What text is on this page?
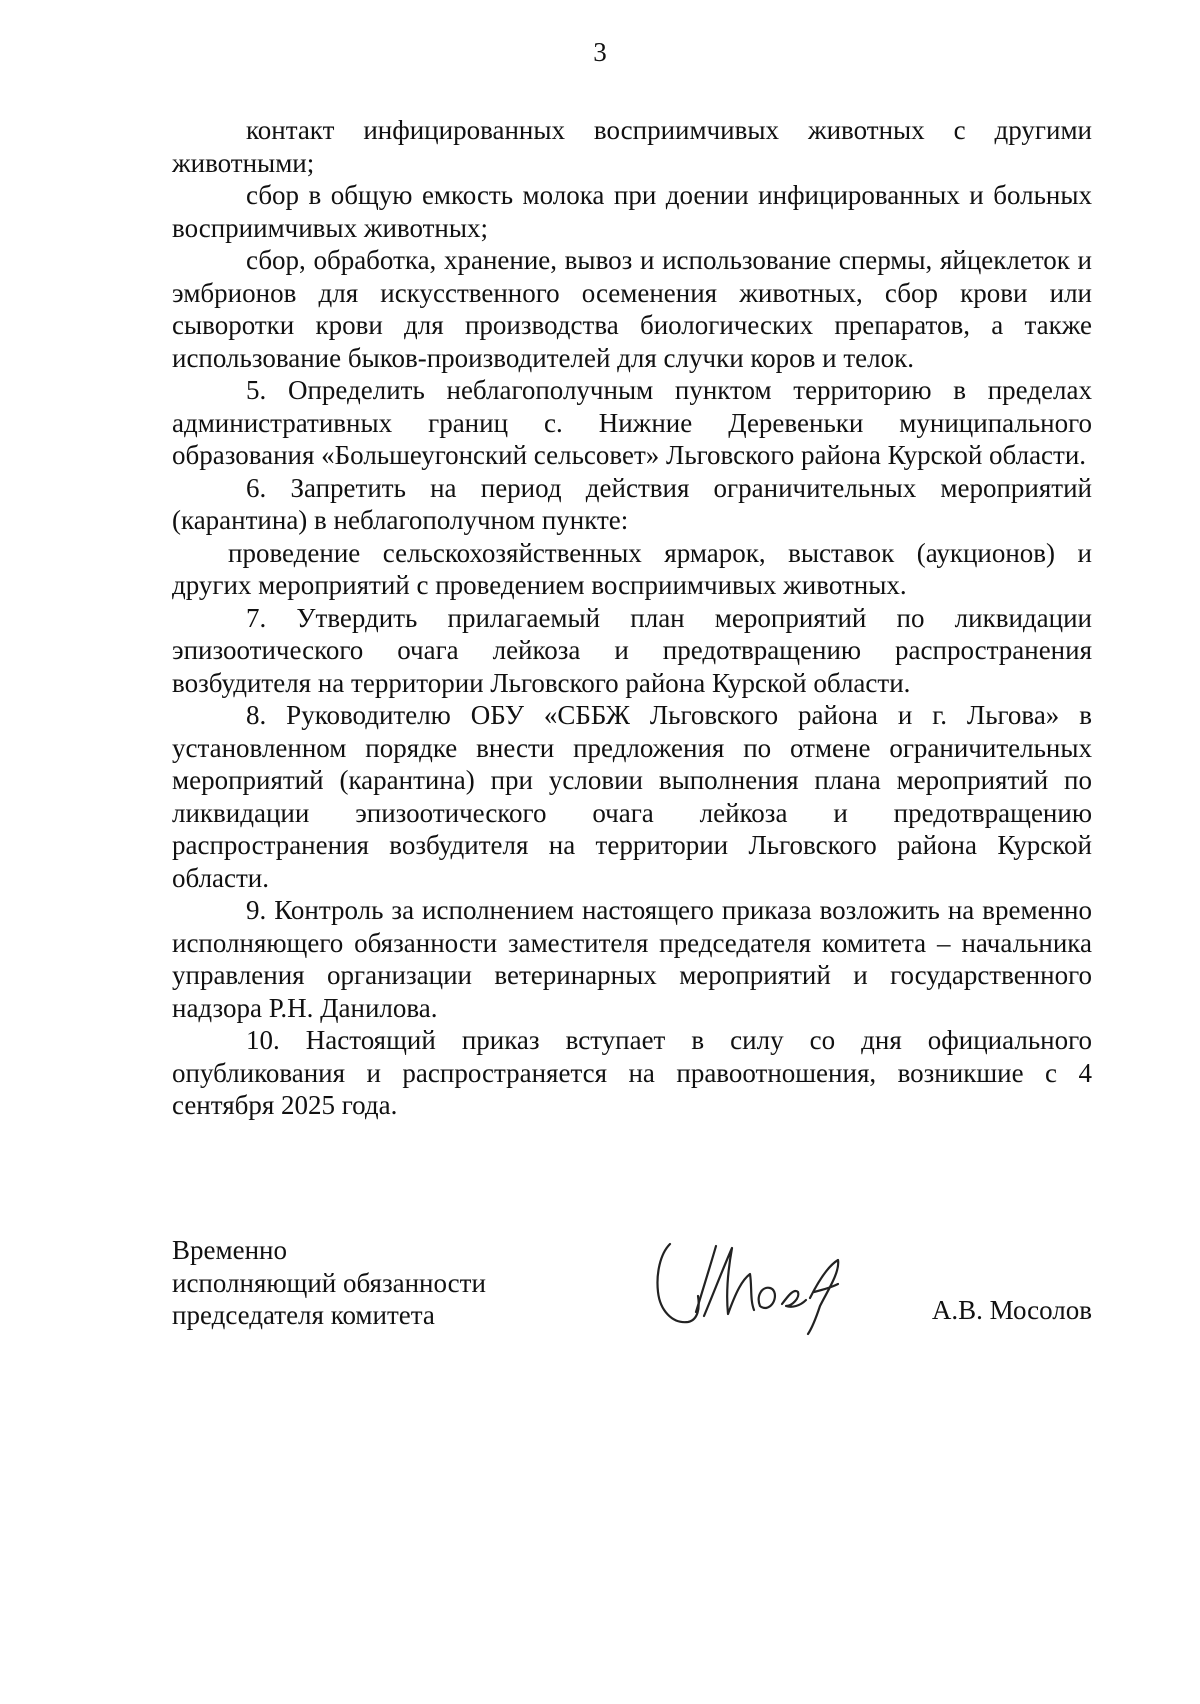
3

контакт инфицированных восприимчивых животных с другими животными;

сбор в общую емкость молока при доении инфицированных и больных восприимчивых животных;

сбор, обработка, хранение, вывоз и использование спермы, яйцеклеток и эмбрионов для искусственного осеменения животных, сбор крови или сыворотки крови для производства биологических препаратов, а также использование быков-производителей для случки коров и телок.

5. Определить неблагополучным пунктом территорию в пределах административных границ с. Нижние Деревеньки муниципального образования «Большеугонский сельсовет» Льговского района Курской области.

6. Запретить на период действия ограничительных мероприятий (карантина) в неблагополучном пункте:

проведение сельскохозяйственных ярмарок, выставок (аукционов) и других мероприятий с проведением восприимчивых животных.

7. Утвердить прилагаемый план мероприятий по ликвидации эпизоотического очага лейкоза и предотвращению распространения возбудителя на территории Льговского района Курской области.

8. Руководителю ОБУ «СББЖ Льговского района и г. Льгова» в установленном порядке внести предложения по отмене ограничительных мероприятий (карантина) при условии выполнения плана мероприятий по ликвидации эпизоотического очага лейкоза и предотвращению распространения возбудителя на территории Льговского района Курской области.

9. Контроль за исполнением настоящего приказа возложить на временно исполняющего обязанности заместителя председателя комитета – начальника управления организации ветеринарных мероприятий и государственного надзора Р.Н. Данилова.

10. Настоящий приказ вступает в силу со дня официального опубликования и распространяется на правоотношения, возникшие с 4 сентября 2025 года.

Временно
исполняющий обязанности
председателя комитета	А.В. Мосолов
